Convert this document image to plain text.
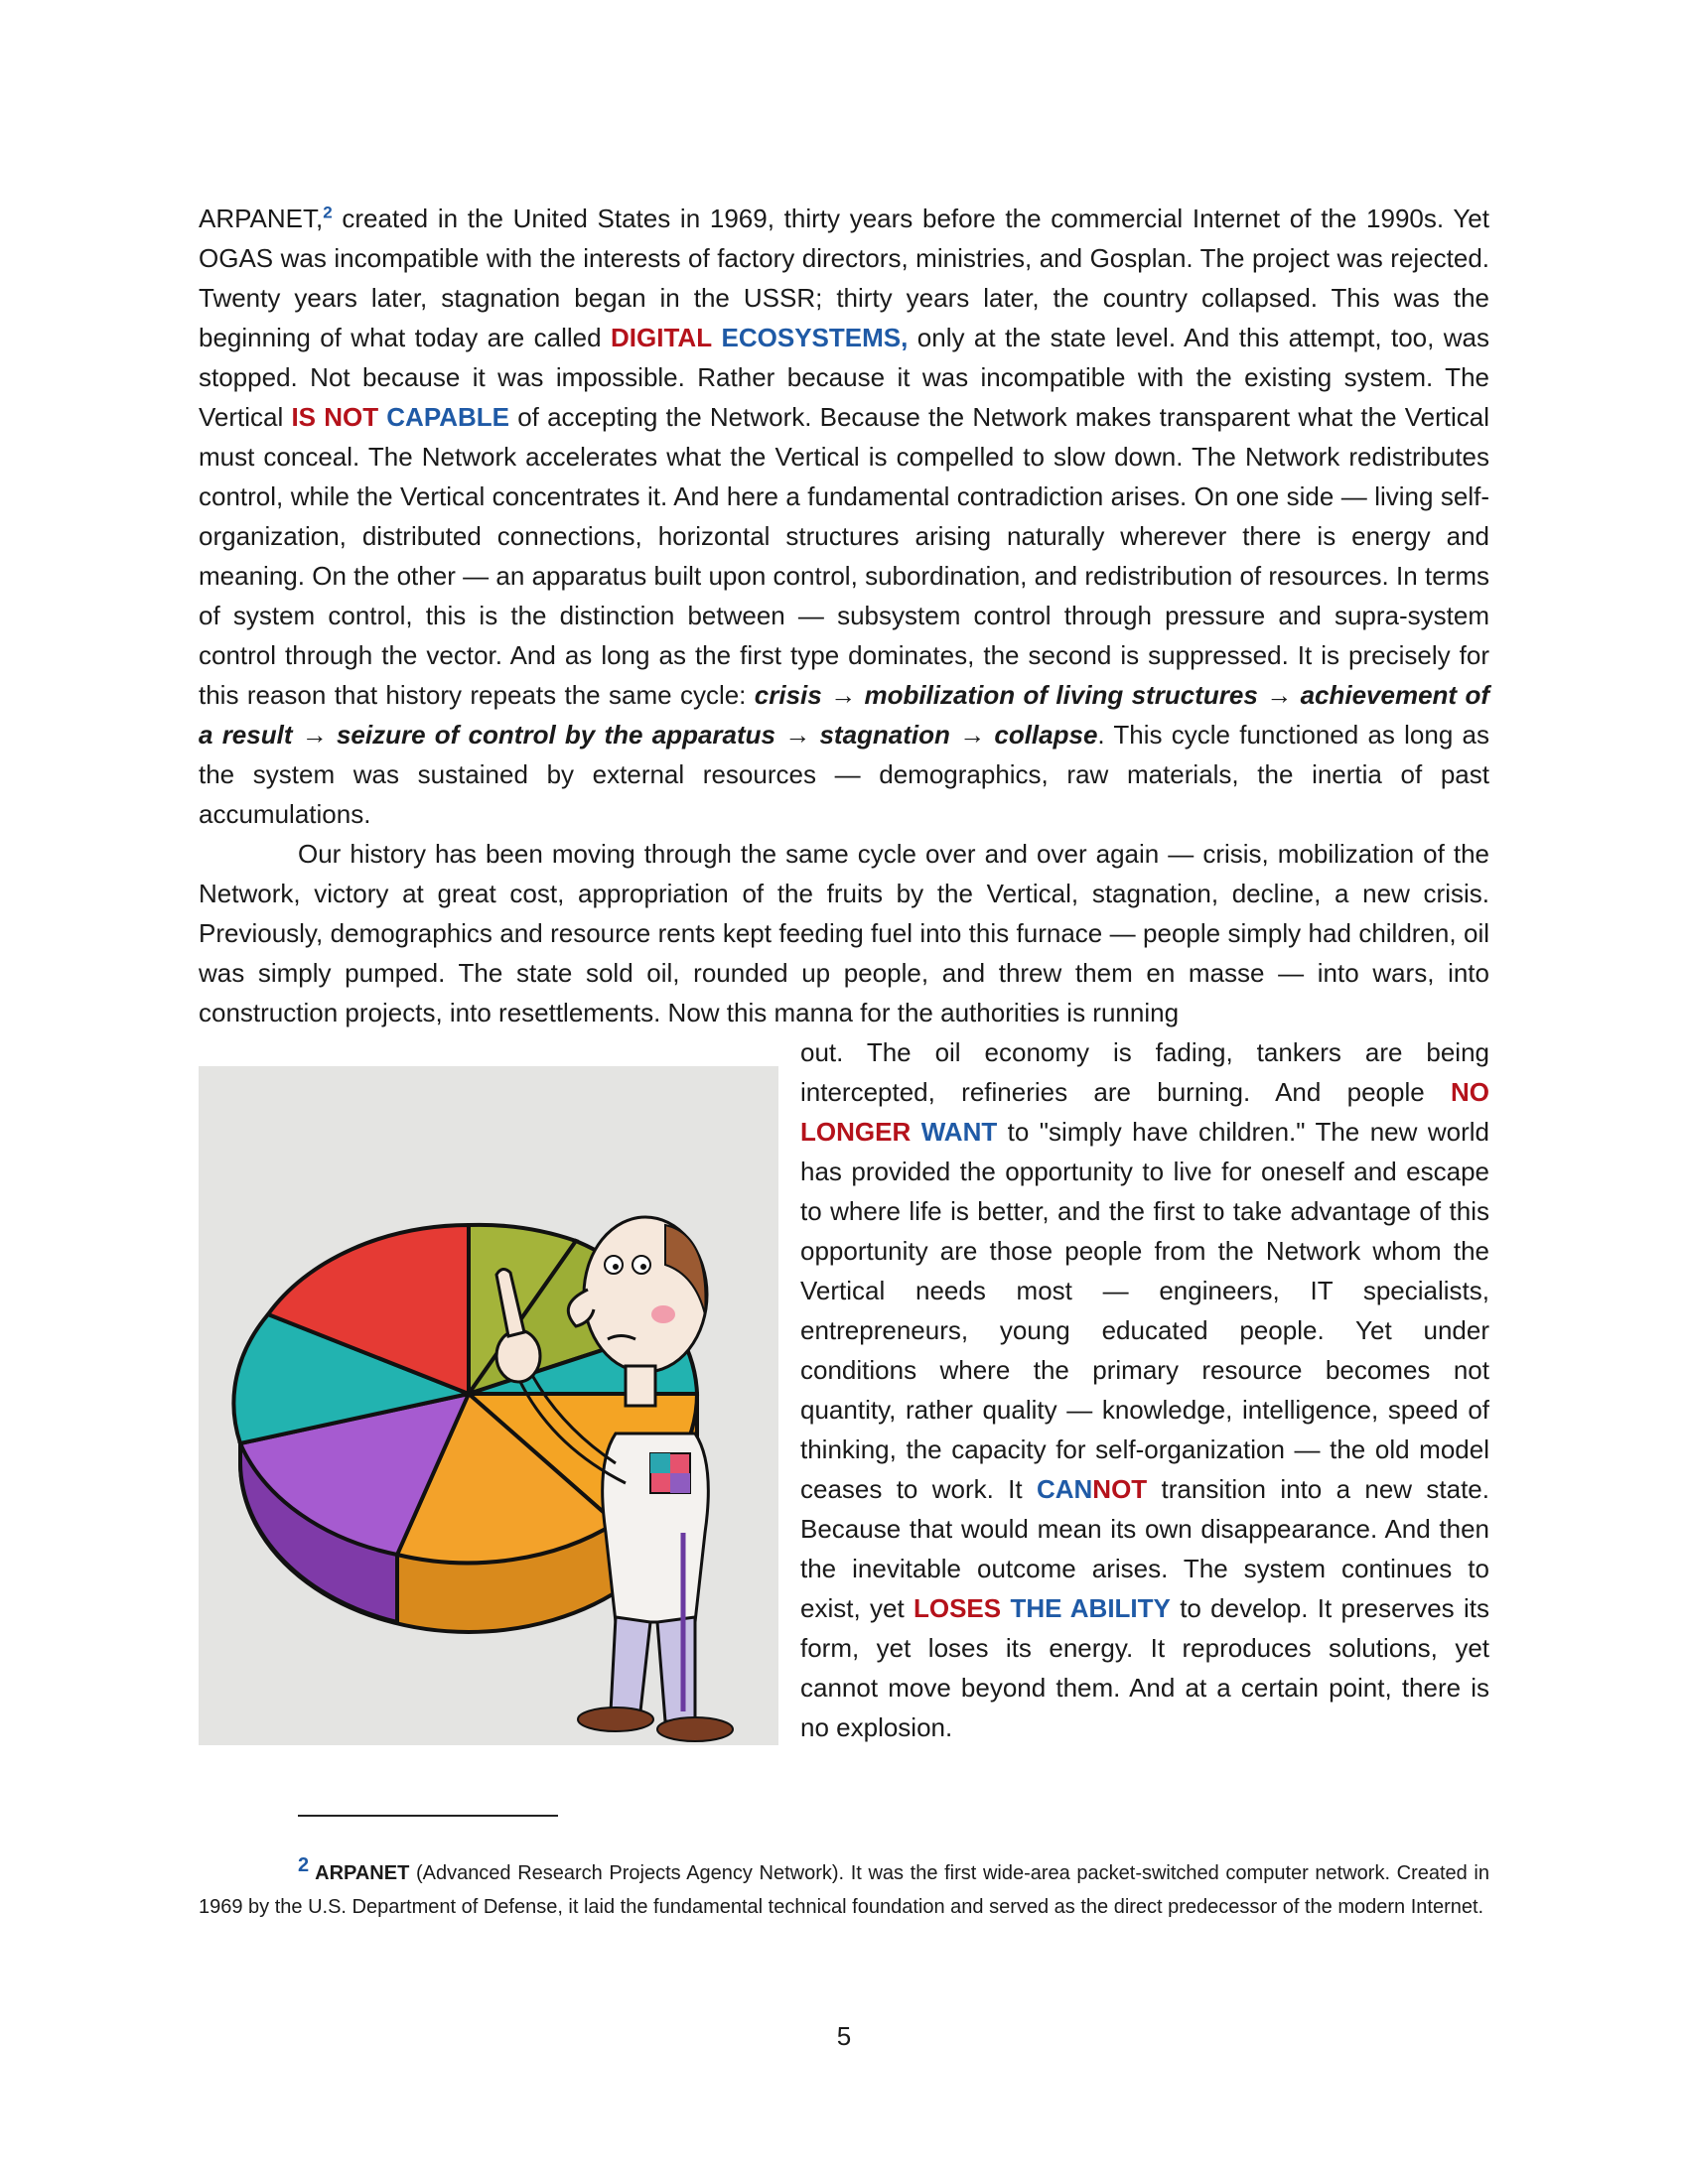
ARPANET,$^2$ created in the United States in 1969, thirty years before the commercial Internet of the 1990s. Yet OGAS was incompatible with the interests of factory directors, ministries, and Gosplan. The project was rejected. Twenty years later, stagnation began in the USSR; thirty years later, the country collapsed. This was the beginning of what today are called DIGITAL ECOSYSTEMS, only at the state level. And this attempt, too, was stopped. Not because it was impossible. Rather because it was incompatible with the existing system. The Vertical IS NOT CAPABLE of accepting the Network. Because the Network makes transparent what the Vertical must conceal. The Network accelerates what the Vertical is compelled to slow down. The Network redistributes control, while the Vertical concentrates it. And here a fundamental contradiction arises. On one side — living self-organization, distributed connections, horizontal structures arising naturally wherever there is energy and meaning. On the other — an apparatus built upon control, subordination, and redistribution of resources. In terms of system control, this is the distinction between — subsystem control through pressure and supra-system control through the vector. And as long as the first type dominates, the second is suppressed. It is precisely for this reason that history repeats the same cycle: crisis → mobilization of living structures → achievement of a result → seizure of control by the apparatus → stagnation → collapse. This cycle functioned as long as the system was sustained by external resources — demographics, raw materials, the inertia of past accumulations.
Our history has been moving through the same cycle over and over again — crisis, mobilization of the Network, victory at great cost, appropriation of the fruits by the Vertical, stagnation, decline, a new crisis. Previously, demographics and resource rents kept feeding fuel into this furnace — people simply had children, oil was simply pumped. The state sold oil, rounded up people, and threw them en masse — into wars, into construction projects, into resettlements. Now this manna for the authorities is running
out. The oil economy is fading, tankers are being intercepted, refineries are burning. And people NO LONGER WANT to "simply have children." The new world has provided the opportunity to live for oneself and escape to where life is better, and the first to take advantage of this opportunity are those people from the Network whom the Vertical needs most — engineers, IT specialists, entrepreneurs, young educated people. Yet under conditions where the primary resource becomes not quantity, rather quality — knowledge, intelligence, speed of thinking, the capacity for self-organization — the old model ceases to work. It CANNOT transition into a new state. Because that would mean its own disappearance. And then the inevitable outcome arises. The system continues to exist, yet LOSES THE ABILITY to develop. It preserves its form, yet loses its energy. It reproduces solutions, yet cannot move beyond them. And at a certain point, there is no explosion.
2 ARPANET (Advanced Research Projects Agency Network). It was the first wide-area packet-switched computer network. Created in 1969 by the U.S. Department of Defense, it laid the fundamental technical foundation and served as the direct predecessor of the modern Internet.
5
